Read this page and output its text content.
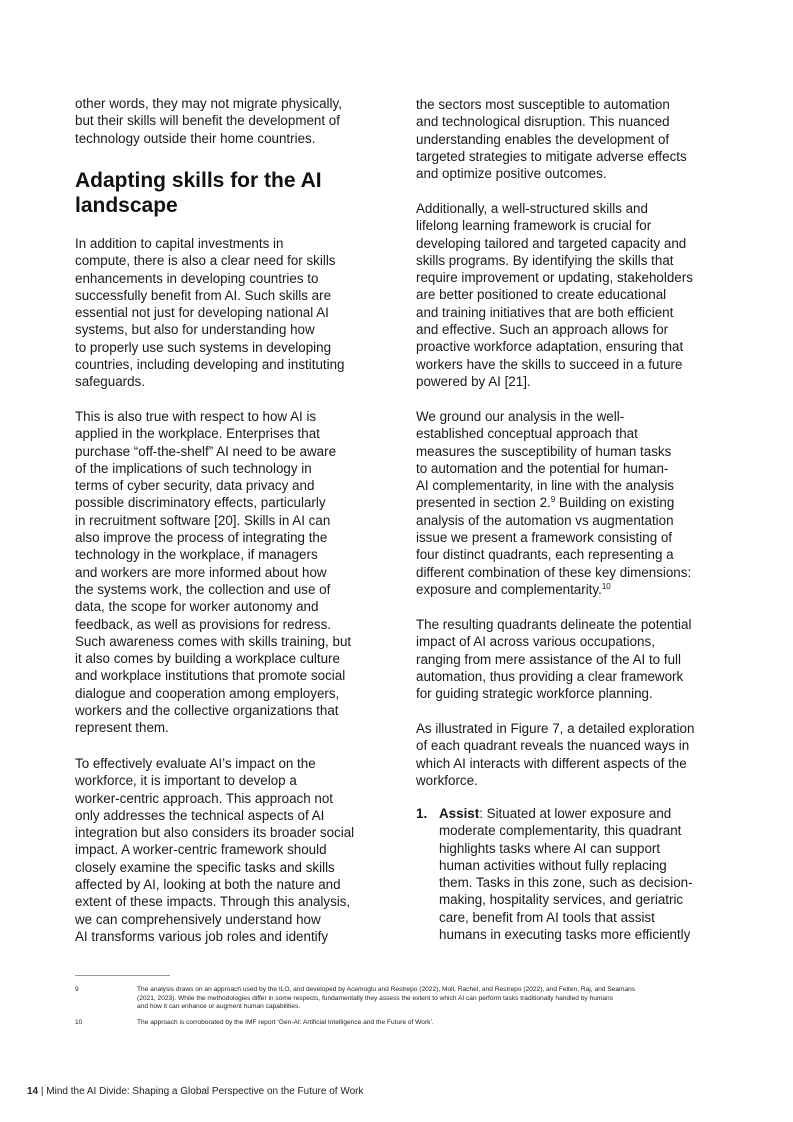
other words, they may not migrate physically,
but their skills will benefit the development of
technology outside their home countries.
Adapting skills for the AI
landscape
In addition to capital investments in
compute, there is also a clear need for skills
enhancements in developing countries to
successfully benefit from AI. Such skills are
essential not just for developing national AI
systems, but also for understanding how
to properly use such systems in developing
countries, including developing and instituting
safeguards.
This is also true with respect to how AI is
applied in the workplace. Enterprises that
purchase “off-the-shelf” AI need to be aware
of the implications of such technology in
terms of cyber security, data privacy and
possible discriminatory effects, particularly
in recruitment software [20]. Skills in AI can
also improve the process of integrating the
technology in the workplace, if managers
and workers are more informed about how
the systems work, the collection and use of
data, the scope for worker autonomy and
feedback, as well as provisions for redress.
Such awareness comes with skills training, but
it also comes by building a workplace culture
and workplace institutions that promote social
dialogue and cooperation among employers,
workers and the collective organizations that
represent them.
To effectively evaluate AI’s impact on the
workforce, it is important to develop a
worker-centric approach. This approach not
only addresses the technical aspects of AI
integration but also considers its broader social
impact. A worker-centric framework should
closely examine the specific tasks and skills
affected by AI, looking at both the nature and
extent of these impacts. Through this analysis,
we can comprehensively understand how
AI transforms various job roles and identify
the sectors most susceptible to automation
and technological disruption. This nuanced
understanding enables the development of
targeted strategies to mitigate adverse effects
and optimize positive outcomes.
Additionally, a well-structured skills and
lifelong learning framework is crucial for
developing tailored and targeted capacity and
skills programs. By identifying the skills that
require improvement or updating, stakeholders
are better positioned to create educational
and training initiatives that are both efficient
and effective. Such an approach allows for
proactive workforce adaptation, ensuring that
workers have the skills to succeed in a future
powered by AI [21].
We ground our analysis in the well-
established conceptual approach that
measures the susceptibility of human tasks
to automation and the potential for human-
AI complementarity, in line with the analysis
presented in section 2.$^9$ Building on existing
analysis of the automation vs augmentation
issue we present a framework consisting of
four distinct quadrants, each representing a
different combination of these key dimensions:
exposure and complementarity.$^{10}$
The resulting quadrants delineate the potential
impact of AI across various occupations,
ranging from mere assistance of the AI to full
automation, thus providing a clear framework
for guiding strategic workforce planning.
As illustrated in Figure 7, a detailed exploration
of each quadrant reveals the nuanced ways in
which AI interacts with different aspects of the
workforce.
1. Assist: Situated at lower exposure and
moderate complementarity, this quadrant
highlights tasks where AI can support
human activities without fully replacing
them. Tasks in this zone, such as decision-
making, hospitality services, and geriatric
care, benefit from AI tools that assist
humans in executing tasks more efficiently
9	The analysis draws on an approach used by the ILO, and developed by Acemoglu and Restrepo (2022), Moll, Rachel, and Restrepo (2022), and Felten, Raj, and Seamans
(2021, 2023). While the methodologies differ in some respects, fundamentally they assess the extent to which AI can perform tasks traditionally handled by humans
and how it can enhance or augment human capabilities.
10	The approach is corroborated by the IMF report ‘Gen-AI: Artificial Intelligence and the Future of Work’.
14 | Mind the AI Divide: Shaping a Global Perspective on the Future of Work
